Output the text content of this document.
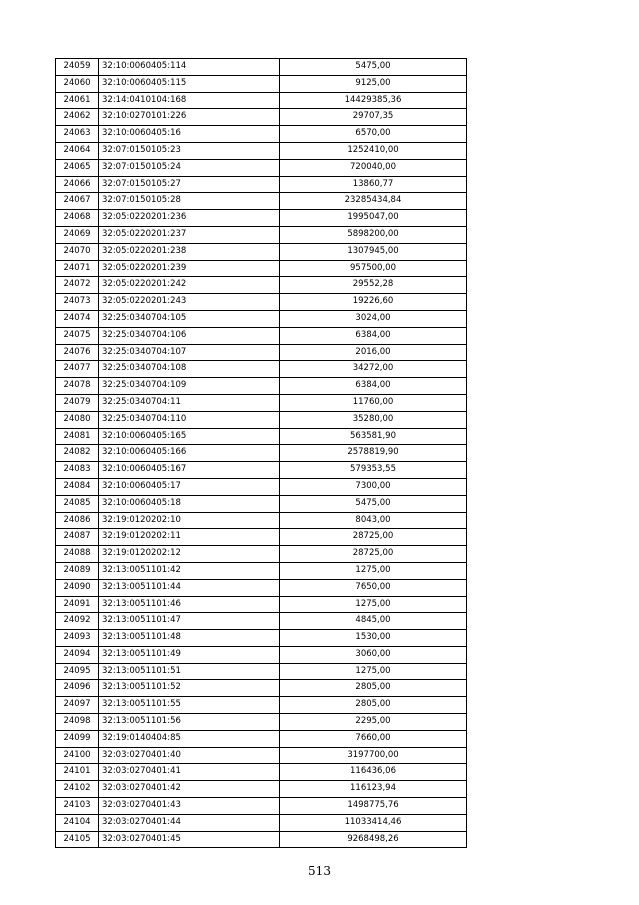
24059	32:10:0060405:114	5475,00
24060	32:10:0060405:115	9125,00
24061	32:14:0410104:168	14429385,36
24062	32:10:0270101:226	29707,35
24063	32:10:0060405:16	6570,00
24064	32:07:0150105:23	1252410,00
24065	32:07:0150105:24	720040,00
24066	32:07:0150105:27	13860,77
24067	32:07:0150105:28	23285434,84
24068	32:05:0220201:236	1995047,00
24069	32:05:0220201:237	5898200,00
24070	32:05:0220201:238	1307945,00
24071	32:05:0220201:239	957500,00
24072	32:05:0220201:242	29552,28
24073	32:05:0220201:243	19226,60
24074	32:25:0340704:105	3024,00
24075	32:25:0340704:106	6384,00
24076	32:25:0340704:107	2016,00
24077	32:25:0340704:108	34272,00
24078	32:25:0340704:109	6384,00
24079	32:25:0340704:11	11760,00
24080	32:25:0340704:110	35280,00
24081	32:10:0060405:165	563581,90
24082	32:10:0060405:166	2578819,90
24083	32:10:0060405:167	579353,55
24084	32:10:0060405:17	7300,00
24085	32:10:0060405:18	5475,00
24086	32:19:0120202:10	8043,00
24087	32:19:0120202:11	28725,00
24088	32:19:0120202:12	28725,00
24089	32:13:0051101:42	1275,00
24090	32:13:0051101:44	7650,00
24091	32:13:0051101:46	1275,00
24092	32:13:0051101:47	4845,00
24093	32:13:0051101:48	1530,00
24094	32:13:0051101:49	3060,00
24095	32:13:0051101:51	1275,00
24096	32:13:0051101:52	2805,00
24097	32:13:0051101:55	2805,00
24098	32:13:0051101:56	2295,00
24099	32:19:0140404:85	7660,00
24100	32:03:0270401:40	3197700,00
24101	32:03:0270401:41	116436,06
24102	32:03:0270401:42	116123,94
24103	32:03:0270401:43	1498775,76
24104	32:03:0270401:44	11033414,46
24105	32:03:0270401:45	9268498,26
513
